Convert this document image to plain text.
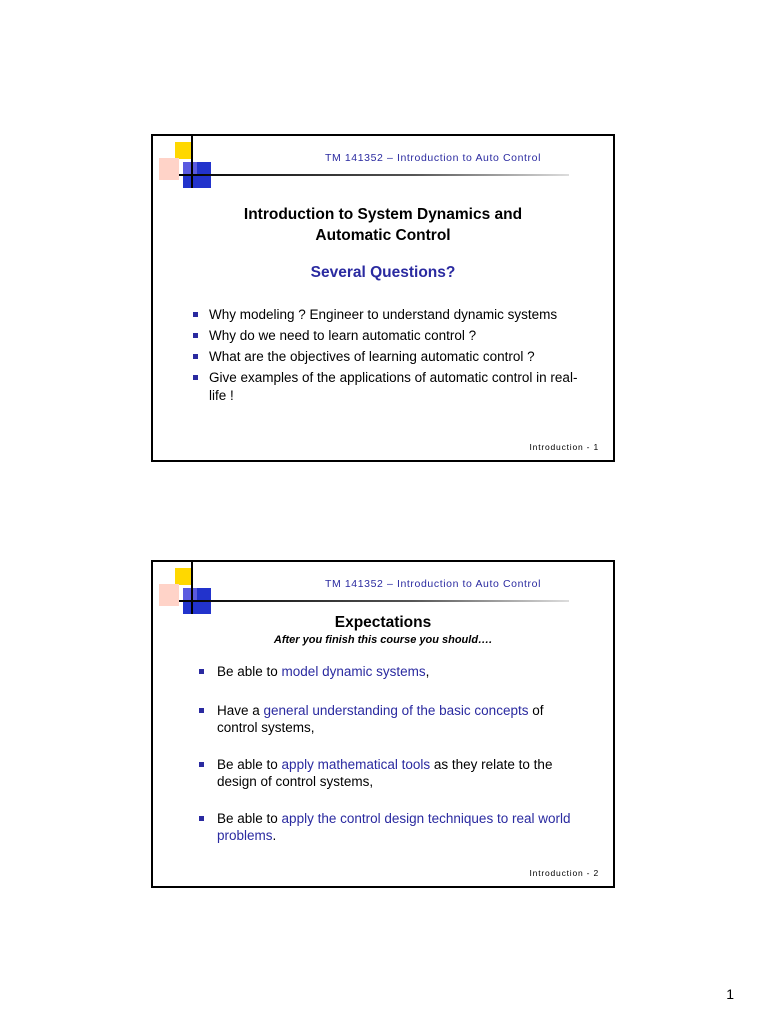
TM 141352 – Introduction to Auto Control
Introduction to System Dynamics and
Automatic Control
Several Questions?
Why modeling ? Engineer to understand dynamic systems
Why do we need to learn automatic control ?
What are the objectives of learning automatic control ?
Give examples of the applications of automatic control in real-life !
Introduction - 1
TM 141352 – Introduction to Auto Control
Expectations
After you finish this course you should….
Be able to model dynamic systems,
Have a general understanding of the basic concepts of control systems,
Be able to apply mathematical tools as they relate to the design of control systems,
Be able to apply the control design techniques to real world problems.
Introduction - 2
1
